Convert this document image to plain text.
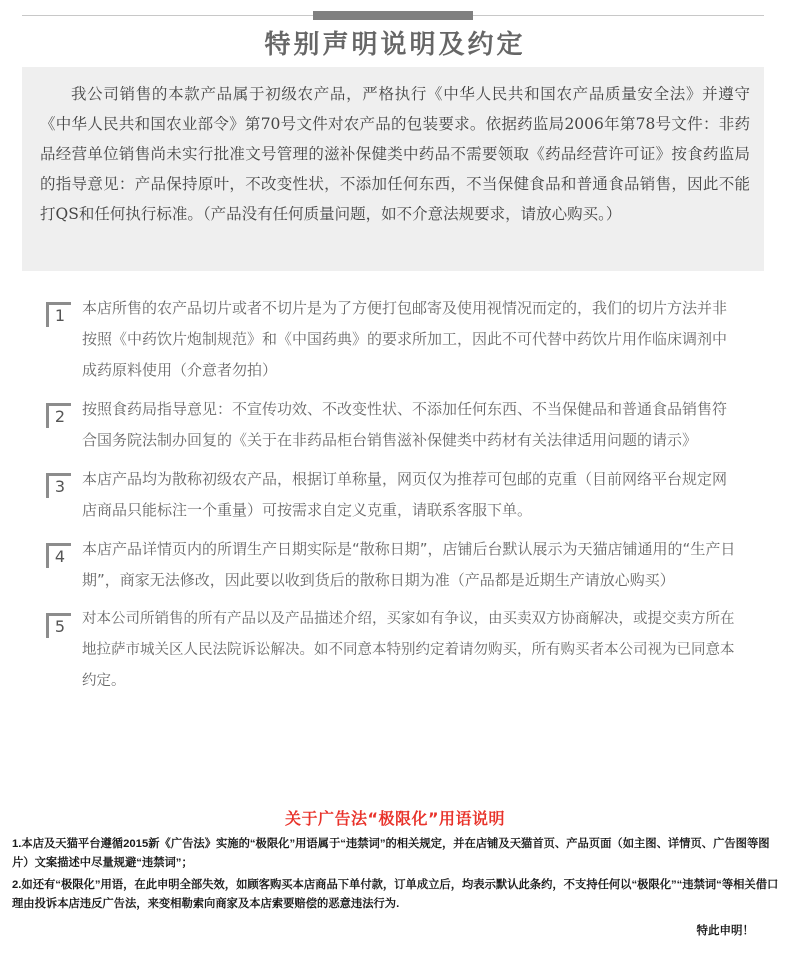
特别声明说明及约定

我公司销售的本款产品属于初级农产品，严格执行《中华人民共和国农产品质量安全法》并遵守《中华人民共和国农业部令》第70号文件对农产品的包装要求。依据药监局2006年第78号文件：非药品经营单位销售尚未实行批准文号管理的滋补保健类中药品不需要领取《药品经营许可证》按食药监局的指导意见：产品保持原叶，不改变性状，不添加任何东西，不当保健食品和普通食品销售，因此不能打QS和任何执行标准。（产品没有任何质量问题，如不介意法规要求，请放心购买。）

1	本店所售的农产品切片或者不切片是为了方便打包邮寄及使用视情况而定的，我们的切片方法并非按照《中药饮片炮制规范》和《中国药典》的要求所加工，因此不可代替中药饮片用作临床调剂中成药原料使用（介意者勿拍）

2	按照食药局指导意见：不宣传功效、不改变性状、不添加任何东西、不当保健品和普通食品销售符合国务院法制办回复的《关于在非药品柜台销售滋补保健类中药材有关法律适用问题的请示》

3	本店产品均为散称初级农产品，根据订单称量，网页仅为推荐可包邮的克重（目前网络平台规定网店商品只能标注一个重量）可按需求自定义克重，请联系客服下单。

4	本店产品详情页内的所谓生产日期实际是“散称日期”，店铺后台默认展示为天猫店铺通用的“生产日期”，商家无法修改，因此要以收到货后的散称日期为准（产品都是近期生产请放心购买）

5	对本公司所销售的所有产品以及产品描述介绍，买家如有争议，由买卖双方协商解决，或提交卖方所在地拉萨市城关区人民法院诉讼解决。如不同意本特别约定着请勿购买，所有购买者本公司视为已同意本约定。

关于广告法“极限化”用语说明

1.本店及天猫平台遵循2015新《广告法》实施的“极限化”用语属于“违禁词”的相关规定，并在店铺及天猫首页、产品页面（如主图、详情页、广告图等图片）文案描述中尽量规避“违禁词”；

2.如还有“极限化”用语，在此申明全部失效，如顾客购买本店商品下单付款，订单成立后，均表示默认此条约，不支持任何以“极限化”“违禁词“等相关借口理由投诉本店违反广告法，来变相勒索向商家及本店索要赔偿的恶意违法行为.

特此申明！
